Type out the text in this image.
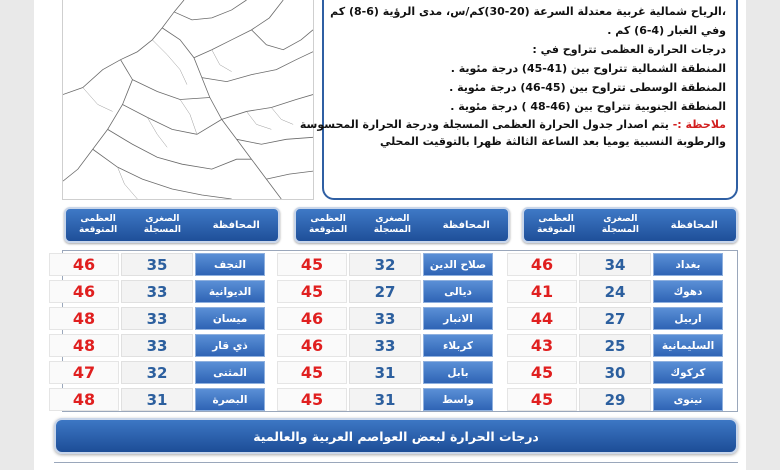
،الرياح شمالية غربية معتدلة السرعة (20-30)كم/س، مدى الرؤية (6-8) كم

وفي الغبار (4-6) كم .

درجات الحرارة العظمى تتراوح في :

المنطقة الشمالية تتراوح بين (41-45) درجة مئوية .

المنطقة الوسطى تتراوح بين (45-46) درجة مئوية .

المنطقة الجنوبية تتراوح بين (46-48 ) درجة مئوية .

ملاحظة :- يتم اصدار جدول الحرارة العظمى المسجلة ودرجة الحرارة المحسوسة

والرطوبة النسبية يوميا بعد الساعة الثالثة ظهرا بالتوقيت المحلي

المحافظة
الصغرى المسجلة
العظمى المتوقعة
المحافظة
الصغرى المسجلة
العظمى المتوقعة
المحافظة
الصغرى المسجلة
العظمى المتوقعة
بغداد
34
46
صلاح الدين
32
45
النجف
35
46
دهوك
24
41
ديالى
27
45
الديوانية
33
46
اربيل
27
44
الانبار
33
46
ميسان
33
48
السليمانية
25
43
كربلاء
33
46
ذي قار
33
48
كركوك
30
45
بابل
31
45
المثنى
32
47
نينوى
29
45
واسط
31
45
البصرة
31
48
درجات الحرارة لبعض العواصم العربية والعالمية
